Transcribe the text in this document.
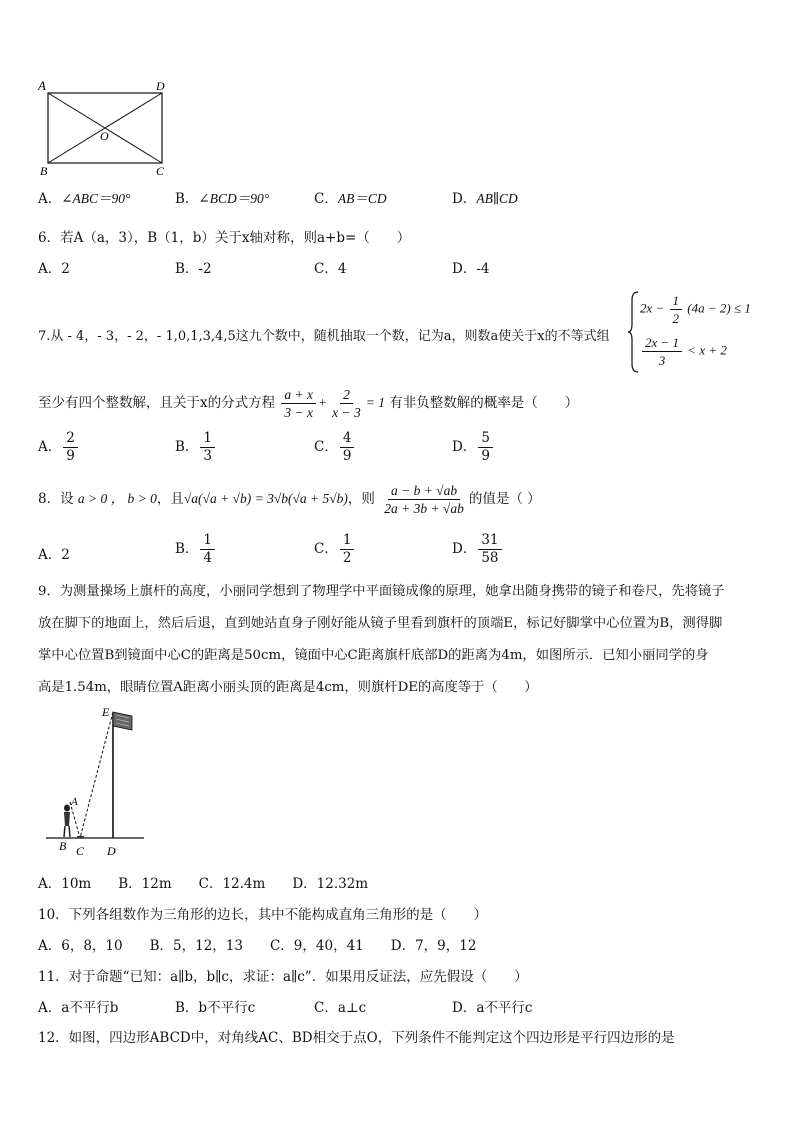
A	D
O
B	C
A．∠ABC＝90°	B．∠BCD＝90°	C．AB＝CD	D．AB∥CD
6．若A（a，3），B（1，b）关于x轴对称，则a+b=（　　）
A．2	B．-2	C．4	D．-4
7.从 - 4，- 3，- 2，- 1,0,1,3,4,5这九个数中，随机抽取一个数，记为a，则数a使关于x的不等式组
$2x - \frac{1}{2} (4a - 2) \le 1$
$\frac{2x - 1}{3} < x + 2$
至少有四个整数解，且关于x的分式方程 $\frac{a + x}{3 - x} + \frac{2}{x - 3} = 1$ 有非负整数解的概率是（　　）
A． $\frac{2}{9}$	B． $\frac{1}{3}$	C． $\frac{4}{9}$	D． $\frac{5}{9}$
8．设 a > 0 ， b > 0，且√a(√a + √b) = 3√b(√a + 5√b)，则 $\frac{a - b + √ab}{2a + 3b + √ab}$ 的值是（ ）
A．2	B． $\frac{1}{4}$	C． $\frac{1}{2}$	D． $\frac{31}{58}$
9．为测量操场上旗杆的高度，小丽同学想到了物理学中平面镜成像的原理，她拿出随身携带的镜子和卷尺，先将镜子
放在脚下的地面上，然后后退，直到她站直身子刚好能从镜子里看到旗杆的顶端E，标记好脚掌中心位置为B，测得脚
掌中心位置B到镜面中心C的距离是50cm，镜面中心C距离旗杆底部D的距离为4m，如图所示．已知小丽同学的身
高是1.54m，眼睛位置A距离小丽头顶的距离是4cm，则旗杆DE的高度等于（　　）
E
A
B C D
A．10m　　B．12m　　C．12.4m　　D．12.32m
10．下列各组数作为三角形的边长，其中不能构成直角三角形的是（　　）
A．6，8，10　　B．5，12，13　　C．9，40，41　　D．7，9，12
11．对于命题“已知：a∥b，b∥c，求证：a∥c”．如果用反证法，应先假设（　　）
A．a不平行b	B．b不平行c	C．a⊥c	D．a不平行c
12．如图，四边形ABCD中，对角线AC、BD相交于点O，下列条件不能判定这个四边形是平行四边形的是
